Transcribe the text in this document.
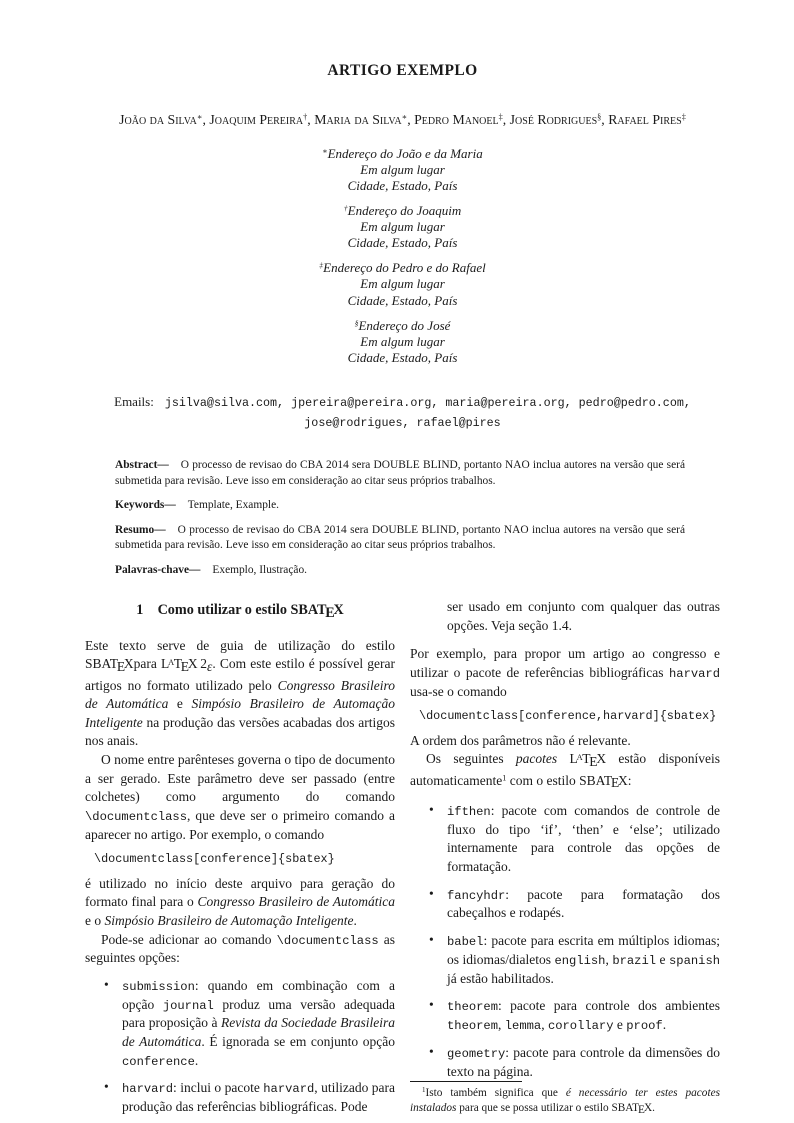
ARTIGO EXEMPLO
João da Silva∗, Joaquim Pereira†, Maria da Silva∗, Pedro Manoel‡, José Rodrigues§, Rafael Pires‡
∗Endereço do João e da Maria
Em algum lugar
Cidade, Estado, País
†Endereço do Joaquim
Em algum lugar
Cidade, Estado, País
‡Endereço do Pedro e do Rafael
Em algum lugar
Cidade, Estado, País
§Endereço do José
Em algum lugar
Cidade, Estado, País
Emails: jsilva@silva.com, jpereira@pereira.org, maria@pereira.org, pedro@pedro.com,
jose@rodrigues, rafael@pires

Abstract— O processo de revisao do CBA 2014 sera DOUBLE BLIND, portanto NAO inclua autores na versão que será submetida para revisão. Leve isso em consideração ao citar seus próprios trabalhos.

Keywords— Template, Example.

Resumo— O processo de revisao do CBA 2014 sera DOUBLE BLIND, portanto NAO inclua autores na versão que será submetida para revisão. Leve isso em consideração ao citar seus próprios trabalhos.

Palavras-chave— Exemplo, Ilustração.

1 Como utilizar o estilo SBATEX

Este texto serve de guia de utilização do estilo SBATEXpara $L^ATEX$ 2ε. Com este estilo é possível gerar artigos no formato utilizado pelo Congresso Brasileiro de Automática e Simpósio Brasileiro de Automação Inteligente na produção das versões acabadas dos artigos nos anais.

O nome entre parênteses governa o tipo de documento a ser gerado. Este parâmetro deve ser passado (entre colchetes) como argumento do comando \documentclass, que deve ser o primeiro comando a aparecer no artigo. Por exemplo, o comando

\documentclass[conference]{sbatex}

é utilizado no início deste arquivo para geração do formato final para o Congresso Brasileiro de Automática e o Simpósio Brasileiro de Automação Inteligente.

Pode-se adicionar ao comando \documentclass as seguintes opções:

• submission: quando em combinação com a opção journal produz uma versão adequada para proposição à Revista da Sociedade Brasileira de Automática. É ignorada se em conjunto opção conference.
• harvard: inclui o pacote harvard, utilizado para produção das referências bibliográficas. Pode
ser usado em conjunto com qualquer das outras opções. Veja seção 1.4.

Por exemplo, para propor um artigo ao congresso e utilizar o pacote de referências bibliográficas harvard usa-se o comando

\documentclass[conference,harvard]{sbatex}

A ordem dos parâmetros não é relevante.

Os seguintes pacotes $L^ATEX$ estão disponíveis automaticamente$^1$ com o estilo SBATEX:

• ifthen: pacote com comandos de controle de fluxo do tipo ‘if’, ‘then’ e ‘else’; utilizado internamente para controle das opções de formatação.
• fancyhdr: pacote para formatação dos cabeçalhos e rodapés.
• babel: pacote para escrita em múltiplos idiomas; os idiomas/dialetos english, brazil e spanish já estão habilitados.
• theorem: pacote para controle dos ambientes theorem, lemma, corollary e proof.
• geometry: pacote para controle da dimensões do texto na página.

$^1$Isto também significa que é necessário ter estes pacotes instalados para que se possa utilizar o estilo SBATEX.
